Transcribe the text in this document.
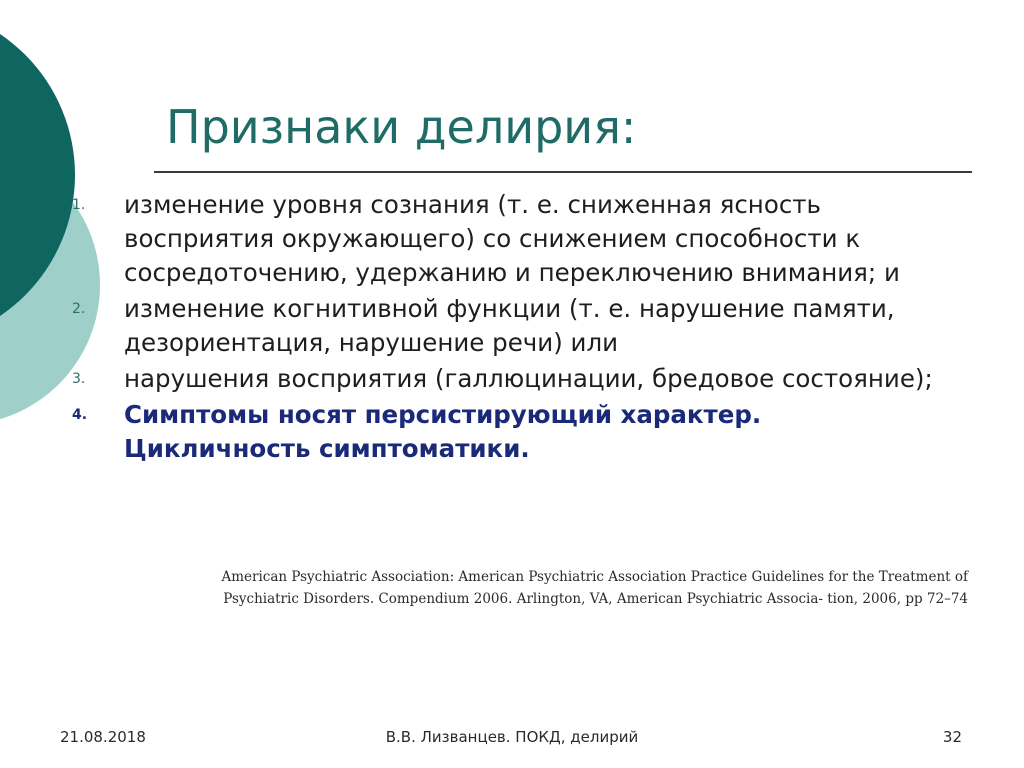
Признаки делирия:
1. изменение уровня сознания (т. е. сниженная ясность восприятия окружающего) со снижением способности к сосредоточению, удержанию и переключению внимания; и
2. изменение когнитивной функции (т. е. нарушение памяти, дезориентация, нарушение речи) или
3. нарушения восприятия (галлюцинации, бредовое состояние);
4. Симптомы носят персистирующий характер. Цикличность симптоматики.
American Psychiatric Association: American Psychiatric Association Practice Guidelines for the Treatment of
Psychiatric Disorders. Compendium 2006. Arlington, VA, American Psychiatric Associa- tion, 2006, pp 72–74
21.08.2018	В.В. Лизванцев. ПОКД, делирий	32
